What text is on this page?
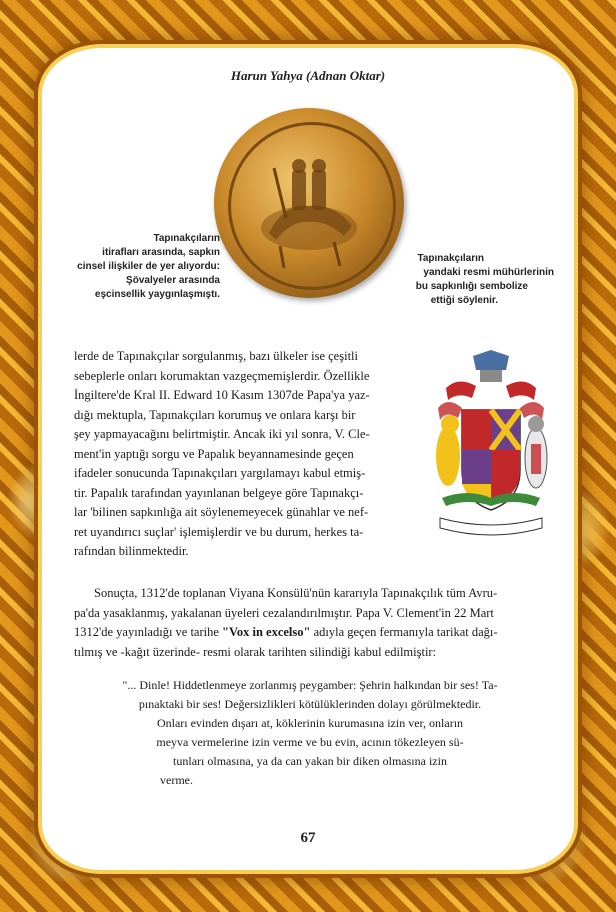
Harun Yahya (Adnan Oktar)
Tapınakçıların
itirafları arasında, sapkın
cinsel ilişkiler de yer alıyordu:
Şövalyeler arasında
eşcinsellik yaygınlaşmıştı.
Tapınakçıların
yandaki resmi mühürlerinin
bu sapkınlığı sembolize
ettiği söylenir.
lerde de Tapınakçılar sorgulanmış, bazı ülkeler ise çeşitli
sebeplerle onları korumaktan vazgeçmemişlerdir. Özellikle
İngiltere'de Kral II. Edward 10 Kasım 1307de Papa'ya yaz-
dığı mektupla, Tapınakçıları korumuş ve onlara karşı bir
şey yapmayacağını belirtmiştir. Ancak iki yıl sonra, V. Cle-
ment'in yaptığı sorgu ve Papalık beyannamesinde geçen
ifadeler sonucunda Tapınakçıları yargılamayı kabul etmiş-
tir. Papalık tarafından yayınlanan belgeye göre Tapınakçı-
lar 'bilinen sapkınlığa ait söylenemeyecek günahlar ve nef-
ret uyandırıcı suçlar' işlemişlerdir ve bu durum, herkes ta-
rafından bilinmektedir.
Sonuçta, 1312'de toplanan Viyana Konsülü'nün kararıyla Tapınakçılık tüm Avru-
pa'da yasaklanmış, yakalanan üyeleri cezalandırılmıştır. Papa V. Clement'in 22 Mart
1312'de yayınladığı ve tarihe "Vox in excelso" adıyla geçen fermanıyla tarikat dağı-
tılmış ve -kağıt üzerinde- resmi olarak tarihten silindiği kabul edilmiştir:
"... Dinle! Hiddetlenmeye zorlanmış peygamber: Şehrin halkından bir ses! Ta-
pınaktaki bir ses! Değersizlikleri kötülüklerinden dolayı görülmektedir.
Onları evinden dışarı at, köklerinin kurumasına izin ver, onların
meyva vermelerine izin verme ve bu evin, acının tökezleyen sü-
tunları olmasına, ya da can yakan bir diken olmasına izin
verme.
67
